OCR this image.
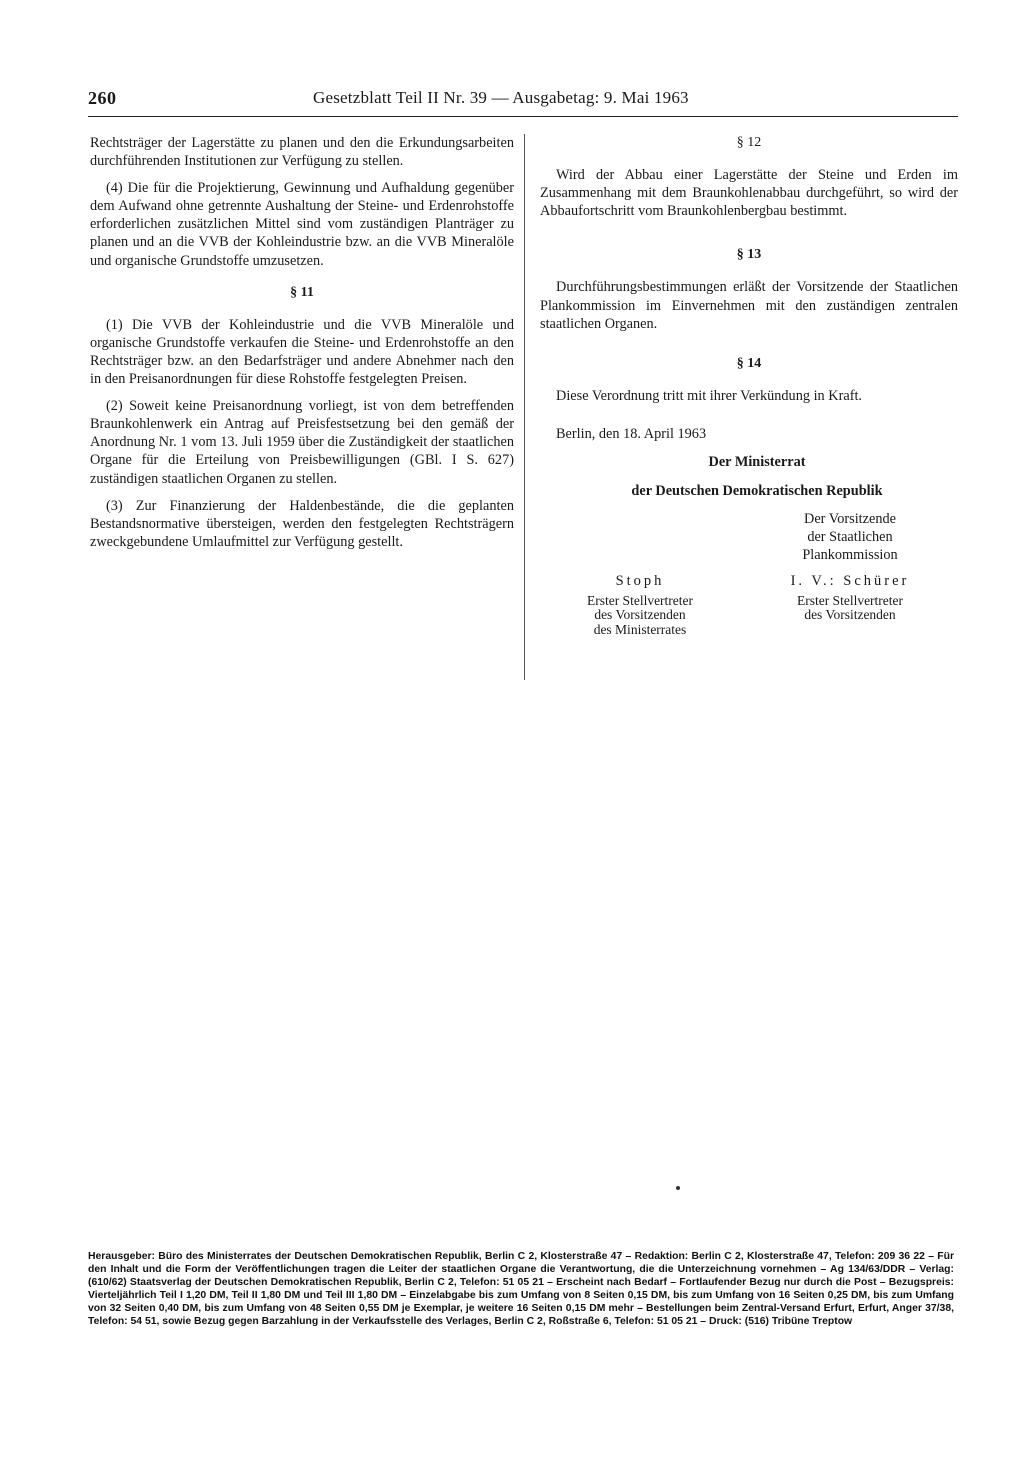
260	Gesetzblatt Teil II Nr. 39 — Ausgabetag: 9. Mai 1963

Rechtsträger der Lagerstätte zu planen und den die Erkundungsarbeiten durchführenden Institutionen zur Verfügung zu stellen.

(4) Die für die Projektierung, Gewinnung und Aufhaldung gegenüber dem Aufwand ohne getrennte Aushaltung der Steine- und Erdenrohstoffe erforderlichen zusätzlichen Mittel sind vom zuständigen Planträger zu planen und an die VVB der Kohleindustrie bzw. an die VVB Mineralöle und organische Grundstoffe umzusetzen.

§ 11

(1) Die VVB der Kohleindustrie und die VVB Mineralöle und organische Grundstoffe verkaufen die Steine- und Erdenrohstoffe an den Rechtsträger bzw. an den Bedarfsträger und andere Abnehmer nach den in den Preisanordnungen für diese Rohstoffe festgelegten Preisen.

(2) Soweit keine Preisanordnung vorliegt, ist von dem betreffenden Braunkohlenwerk ein Antrag auf Preisfestsetzung bei den gemäß der Anordnung Nr. 1 vom 13. Juli 1959 über die Zuständigkeit der staatlichen Organe für die Erteilung von Preisbewilligungen (GBl. I S. 627) zuständigen staatlichen Organen zu stellen.

(3) Zur Finanzierung der Haldenbestände, die die geplanten Bestandsnormative übersteigen, werden den festgelegten Rechtsträgern zweckgebundene Umlaufmittel zur Verfügung gestellt.

§ 12

Wird der Abbau einer Lagerstätte der Steine und Erden im Zusammenhang mit dem Braunkohlenabbau durchgeführt, so wird der Abbaufortschritt vom Braunkohlenbergbau bestimmt.

§ 13

Durchführungsbestimmungen erläßt der Vorsitzende der Staatlichen Plankommission im Einvernehmen mit den zuständigen zentralen staatlichen Organen.

§ 14

Diese Verordnung tritt mit ihrer Verkündung in Kraft.

Berlin, den 18. April 1963

Der Ministerrat

der Deutschen Demokratischen Republik

Der Vorsitzende
der Staatlichen
Plankommission
Stoph
Erster Stellvertreter
des Vorsitzenden
des Ministerrates
I. V.: Schürer
Erster Stellvertreter
des Vorsitzenden
Herausgeber: Büro des Ministerrates der Deutschen Demokratischen Republik, Berlin C 2, Klosterstraße 47 – Redaktion: Berlin C 2, Klosterstraße 47, Telefon: 209 36 22 – Für den Inhalt und die Form der Veröffentlichungen tragen die Leiter der staatlichen Organe die Verantwortung, die die Unterzeichnung vornehmen – Ag 134/63/DDR – Verlag: (610/62) Staatsverlag der Deutschen Demokratischen Republik, Berlin C 2, Telefon: 51 05 21 – Erscheint nach Bedarf – Fortlaufender Bezug nur durch die Post – Bezugspreis: Vierteljährlich Teil I 1,20 DM, Teil II 1,80 DM und Teil III 1,80 DM – Einzelabgabe bis zum Umfang von 8 Seiten 0,15 DM, bis zum Umfang von 16 Seiten 0,25 DM, bis zum Umfang von 32 Seiten 0,40 DM, bis zum Umfang von 48 Seiten 0,55 DM je Exemplar, je weitere 16 Seiten 0,15 DM mehr – Bestellungen beim Zentral-Versand Erfurt, Erfurt, Anger 37/38, Telefon: 54 51, sowie Bezug gegen Barzahlung in der Verkaufsstelle des Verlages, Berlin C 2, Roßstraße 6, Telefon: 51 05 21 – Druck: (516) Tribüne Treptow
